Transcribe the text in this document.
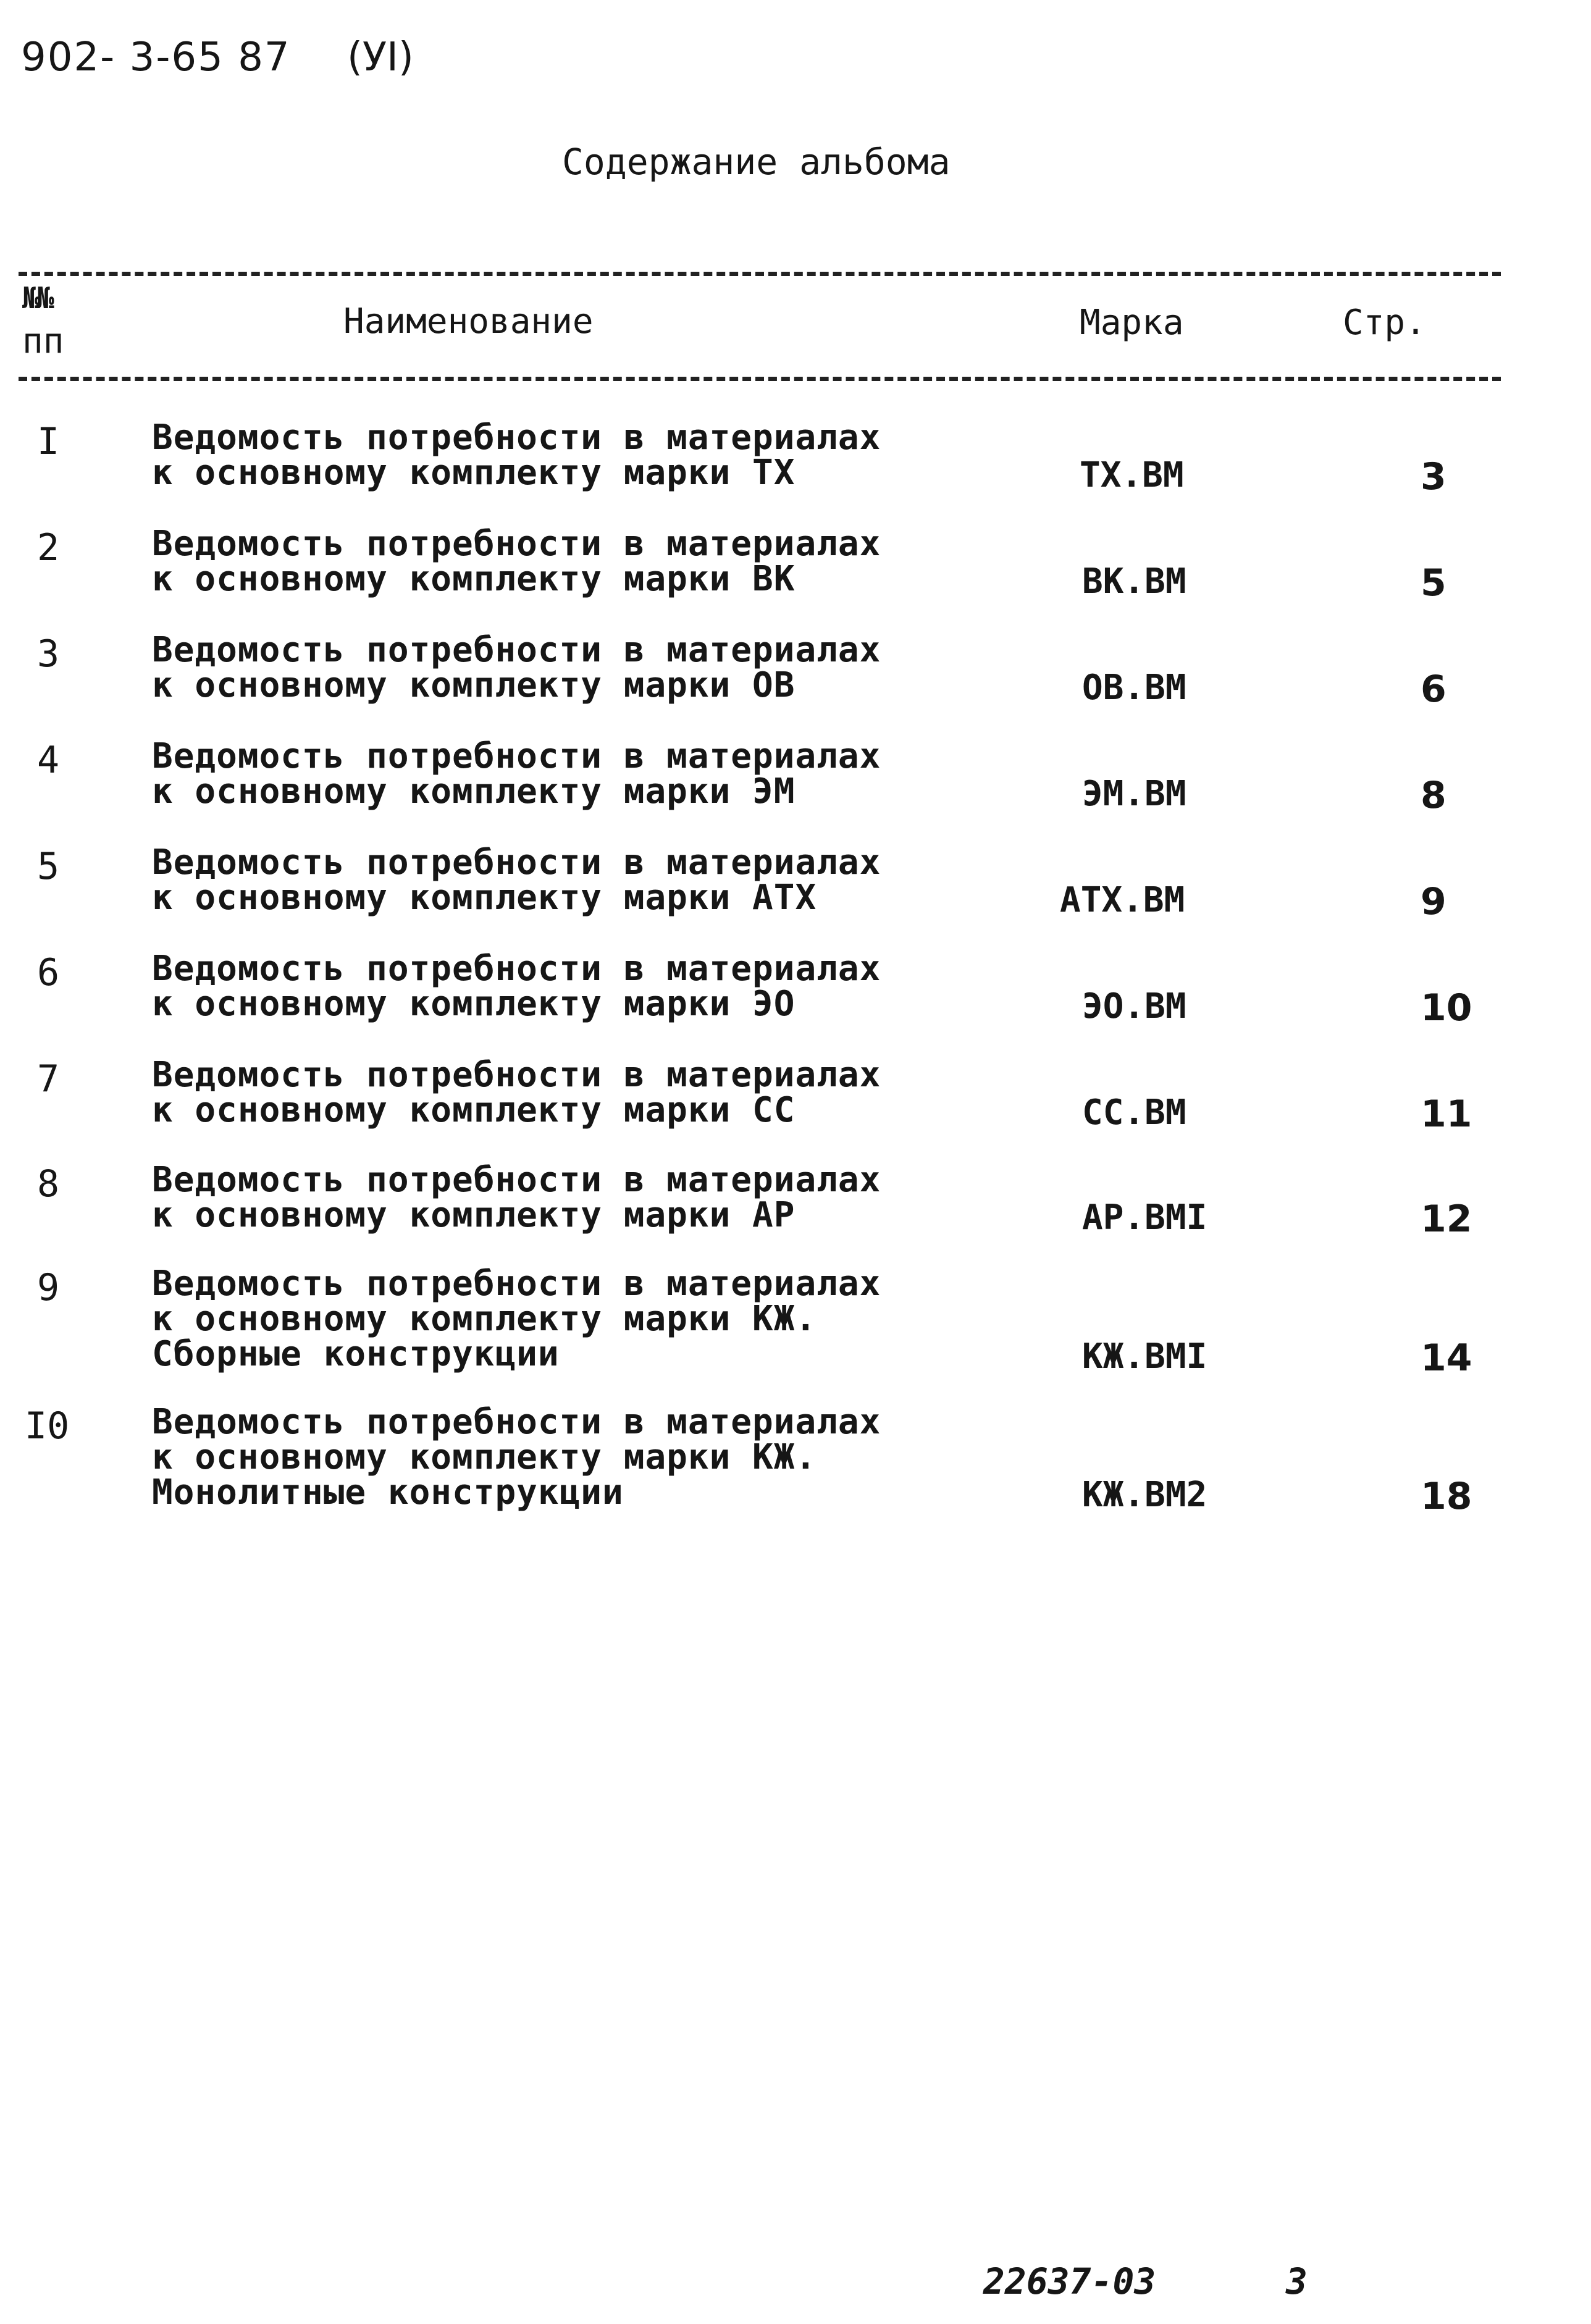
902- 3-65 87 (УI)
Содержание альбома
№№
пп	Наименование	Марка	Стр.
I	Ведомость потребности в материалах
к основному комплекту марки ТХ	ТХ.ВМ	3
2	Ведомость потребности в материалах
к основному комплекту марки ВК	ВК.ВМ	5
3	Ведомость потребности в материалах
к основному комплекту марки ОВ	ОВ.ВМ	6
4	Ведомость потребности в материалах
к основному комплекту марки ЭМ	ЭМ.ВМ	8
5	Ведомость потребности в материалах
к основному комплекту марки АТХ	АТХ.ВМ	9
6	Ведомость потребности в материалах
к основному комплекту марки ЭО	ЭО.ВМ	10
7	Ведомость потребности в материалах
к основному комплекту марки СС	СС.ВМ	11
8	Ведомость потребности в материалах
к основному комплекту марки АР	АР.ВМI	12
9	Ведомость потребности в материалах
к основному комплекту марки КЖ.
Сборные конструкции	КЖ.ВМI	14
I0 Ведомость потребности в материалах
к основному комплекту марки КЖ.
Монолитные конструкции	КЖ.ВМ2	18
22637-03	3
